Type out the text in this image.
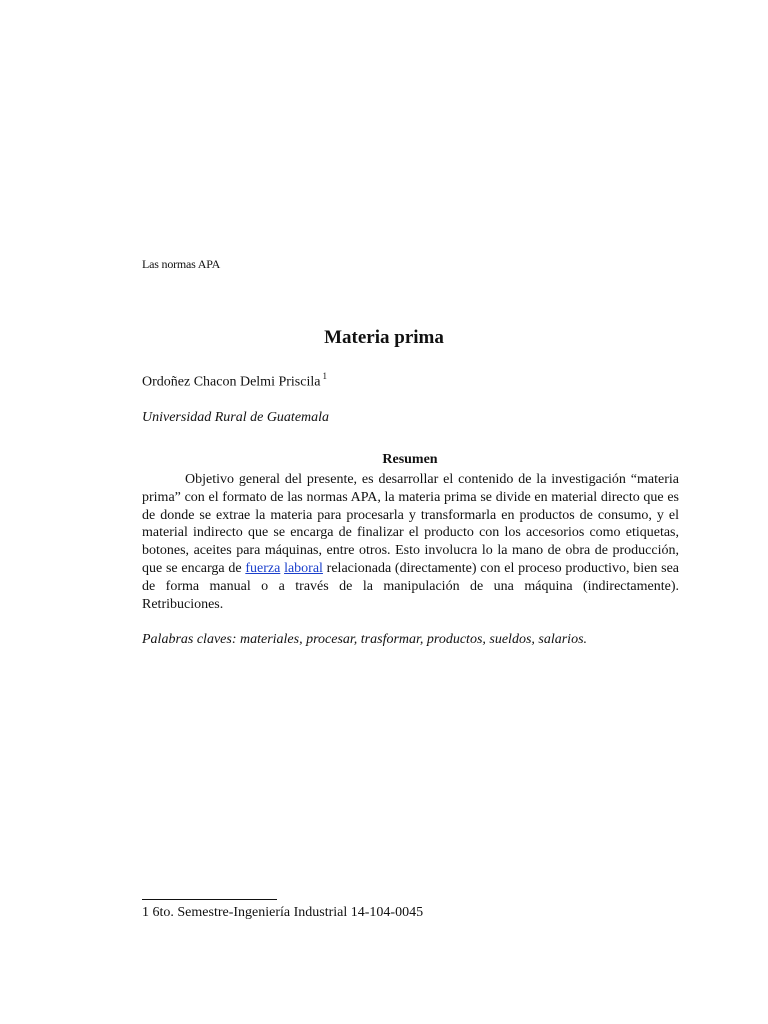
Las normas APA
Materia prima
Ordoñez Chacon Delmi Priscila $^1$
Universidad Rural de Guatemala
Resumen

Objetivo general del presente, es desarrollar el contenido de la investigación “materia prima” con el formato de las normas APA, la materia prima se divide en material directo que es de donde se extrae la materia para procesarla y transformarla en productos de consumo, y el material indirecto que se encarga de finalizar el producto con los accesorios como etiquetas, botones, aceites para máquinas, entre otros. Esto involucra lo la mano de obra de producción, que se encarga de fuerza laboral relacionada (directamente) con el proceso productivo, bien sea de forma manual o a través de la manipulación de una máquina (indirectamente). Retribuciones.

Palabras claves: materiales, procesar, trasformar, productos, sueldos, salarios.
1 6to. Semestre-Ingeniería Industrial 14-104-0045
